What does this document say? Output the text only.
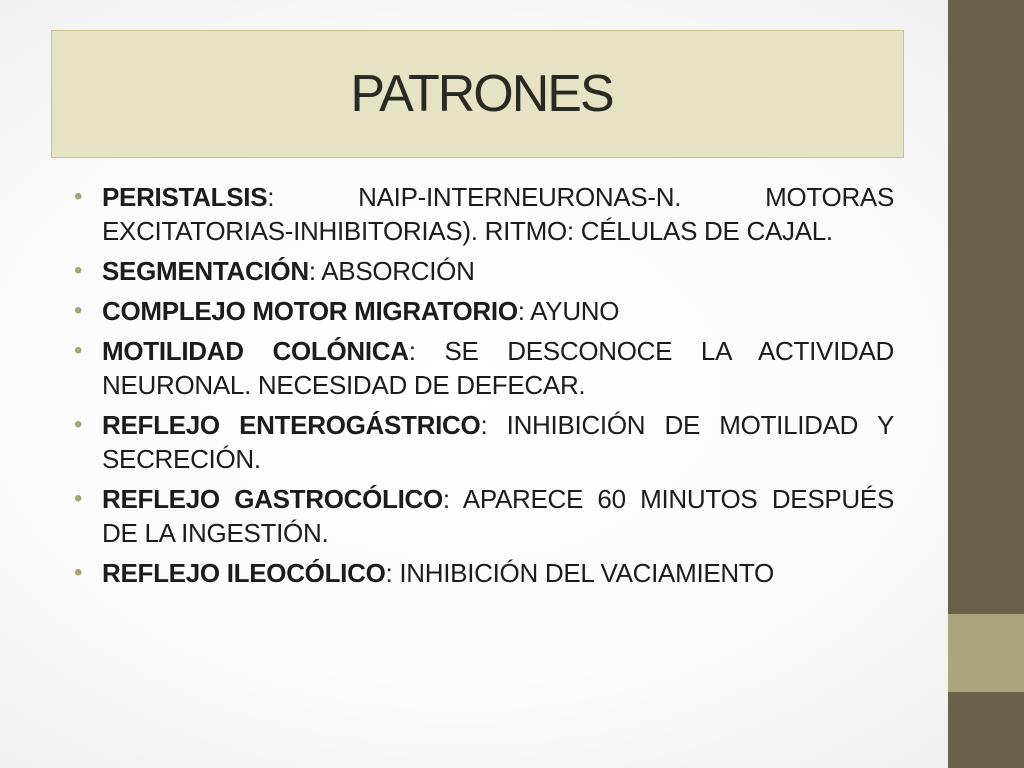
PATRONES
• PERISTALSIS: NAIP-INTERNEURONAS-N. MOTORAS EXCITATORIAS-INHIBITORIAS). RITMO: CÉLULAS DE CAJAL.
• SEGMENTACIÓN: ABSORCIÓN
• COMPLEJO MOTOR MIGRATORIO: AYUNO
• MOTILIDAD COLÓNICA: SE DESCONOCE LA ACTIVIDAD NEURONAL. NECESIDAD DE DEFECAR.
• REFLEJO ENTEROGÁSTRICO: INHIBICIÓN DE MOTILIDAD Y SECRECIÓN.
• REFLEJO GASTROCÓLICO: APARECE 60 MINUTOS DESPUÉS DE LA INGESTIÓN.
• REFLEJO ILEOCÓLICO: INHIBICIÓN DEL VACIAMIENTO
